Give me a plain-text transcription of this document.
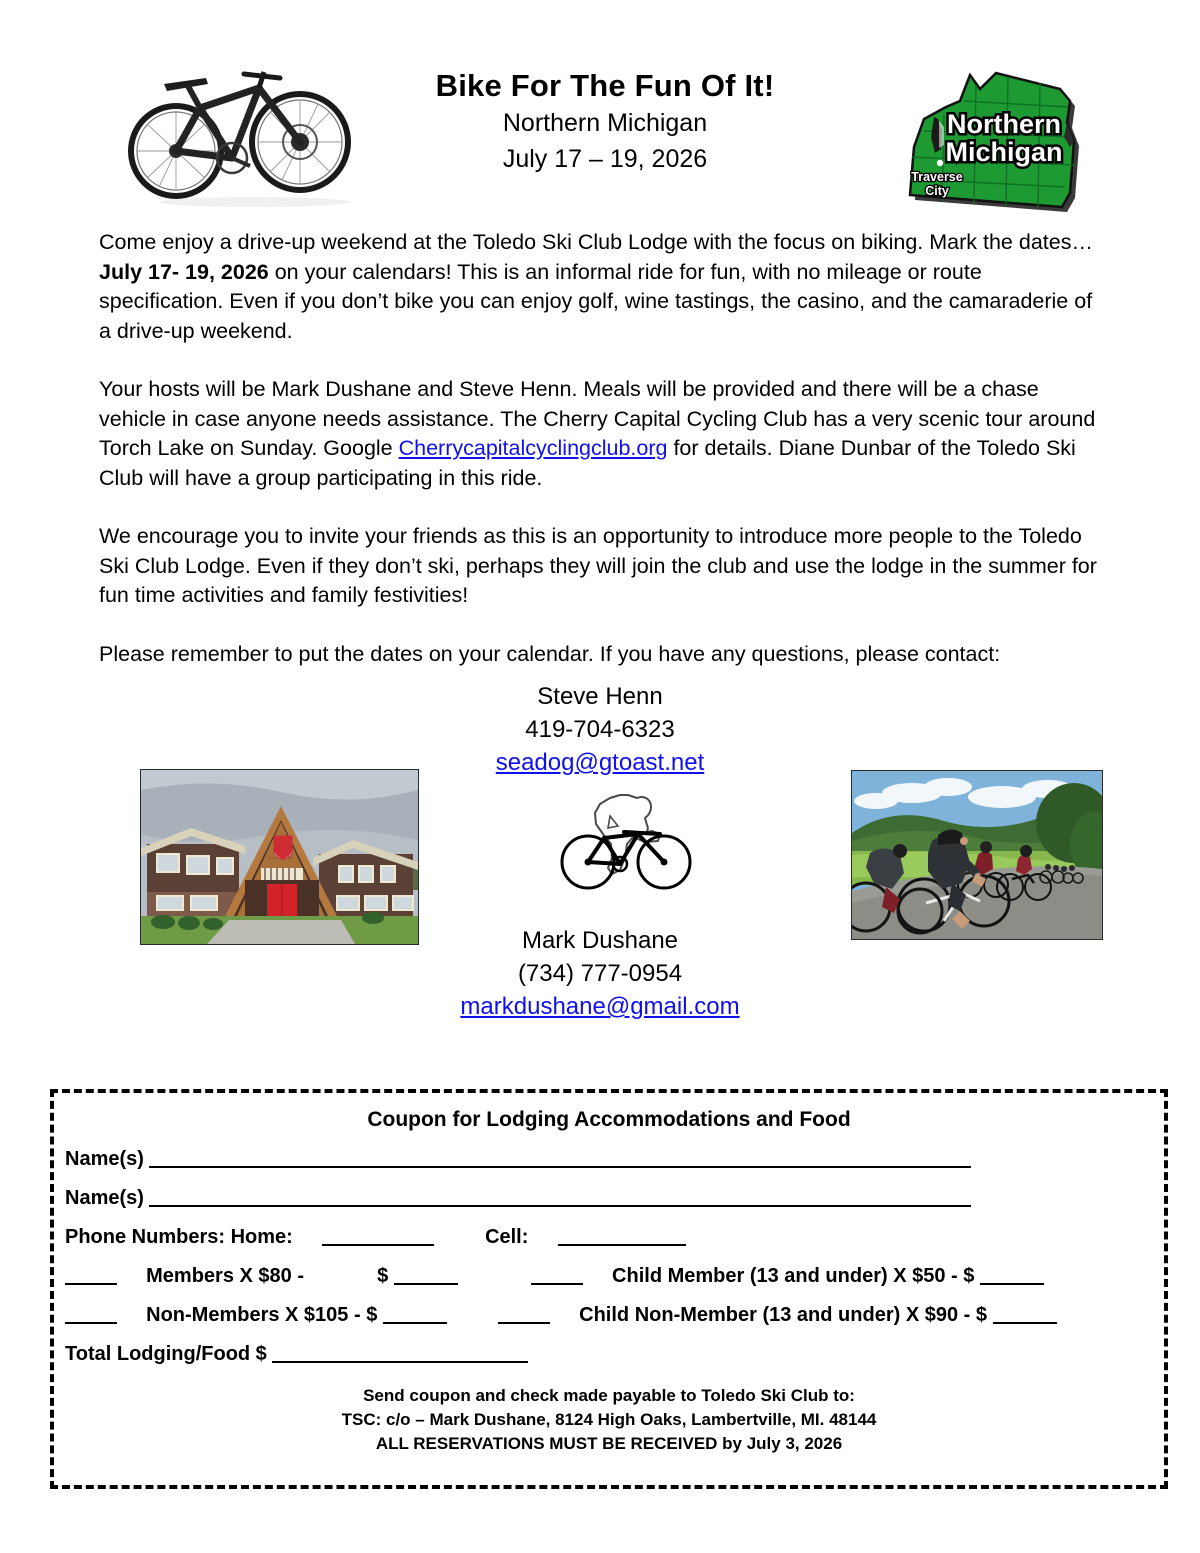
Bike For The Fun Of It!
Northern Michigan
July 17 – 19, 2026
Traverse
City
Northern
Michigan

Come enjoy a drive-up weekend at the Toledo Ski Club Lodge with the focus on biking. Mark the dates…July 17- 19, 2026 on your calendars! This is an informal ride for fun, with no mileage or route specification. Even if you don’t bike you can enjoy golf, wine tastings, the casino, and the camaraderie of a drive-up weekend.

Your hosts will be Mark Dushane and Steve Henn. Meals will be provided and there will be a chase vehicle in case anyone needs assistance. The Cherry Capital Cycling Club has a very scenic tour around Torch Lake on Sunday. Google Cherrycapitalcyclingclub.org for details. Diane Dunbar of the Toledo Ski Club will have a group participating in this ride.

We encourage you to invite your friends as this is an opportunity to introduce more people to the Toledo Ski Club Lodge. Even if they don’t ski, perhaps they will join the club and use the lodge in the summer for fun time activities and family festivities!

Please remember to put the dates on your calendar. If you have any questions, please contact:

Steve Henn
419-704-6323
seadog@gtoast.net
Mark Dushane
(734) 777-0954
markdushane@gmail.com
Coupon for Lodging Accommodations and Food
Name(s)
Name(s)
Phone Numbers: Home:	Cell:
Members X $80 -	$	Child Member (13 and under) X $50 - $
Non-Members X $105 - $	Child Non-Member (13 and under) X $90 - $
Total Lodging/Food $
Send coupon and check made payable to Toledo Ski Club to:
TSC: c/o – Mark Dushane, 8124 High Oaks, Lambertville, MI. 48144
ALL RESERVATIONS MUST BE RECEIVED by July 3, 2026
